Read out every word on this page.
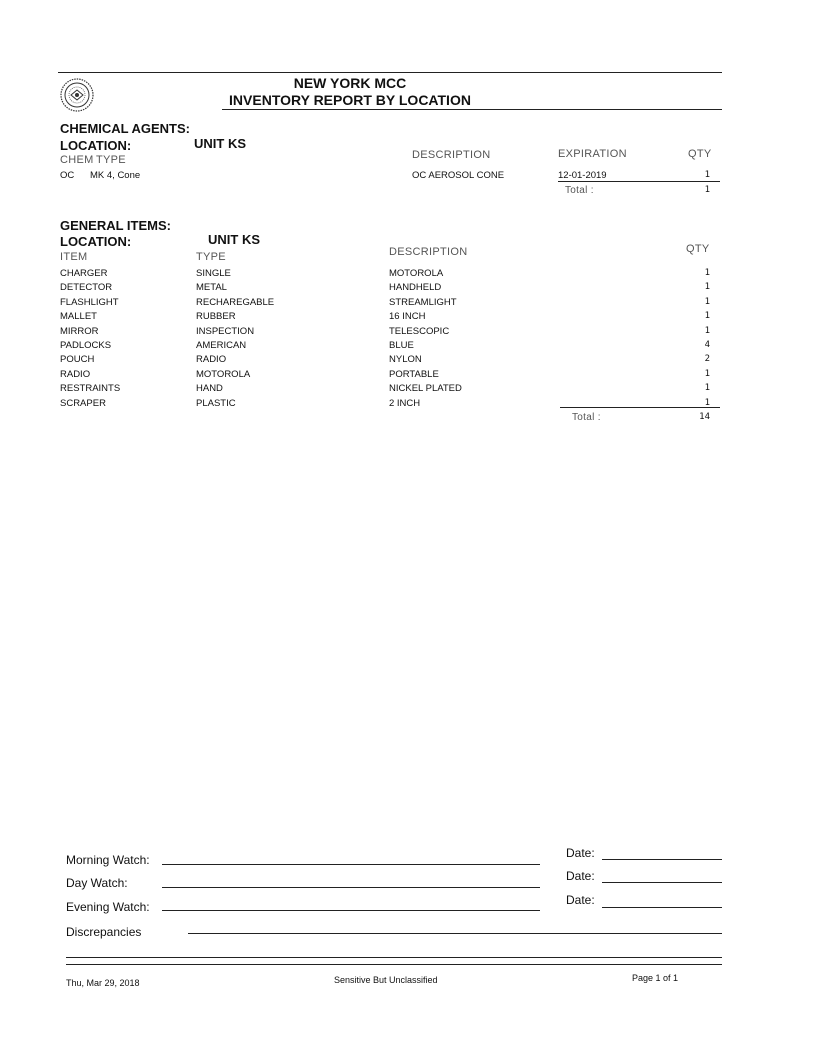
NEW YORK MCC
INVENTORY REPORT BY LOCATION
CHEMICAL AGENTS:
LOCATION:	UNIT KS
CHEM TYPE	DESCRIPTION	EXPIRATION	QTY
OC MK 4, Cone	OC AEROSOL CONE	12-01-2019	1
Total :	1
GENERAL ITEMS:
LOCATION:	UNIT KS
ITEM	TYPE	DESCRIPTION	QTY
CHARGER	SINGLE	MOTOROLA	1
DETECTOR	METAL	HANDHELD	1
FLASHLIGHT	RECHAREGABLE	STREAMLIGHT	1
MALLET	RUBBER	16 INCH	1
MIRROR	INSPECTION	TELESCOPIC	1
PADLOCKS	AMERICAN	BLUE	4
POUCH	RADIO	NYLON	2
RADIO	MOTOROLA	PORTABLE	1
RESTRAINTS	HAND	NICKEL PLATED	1
SCRAPER	PLASTIC	2 INCH	1
Total :	14
Morning Watch:	Date:
Day Watch:	Date:
Evening Watch:	Date:
Discrepancies
Thu, Mar 29, 2018	Sensitive But Unclassified	Page 1 of 1
